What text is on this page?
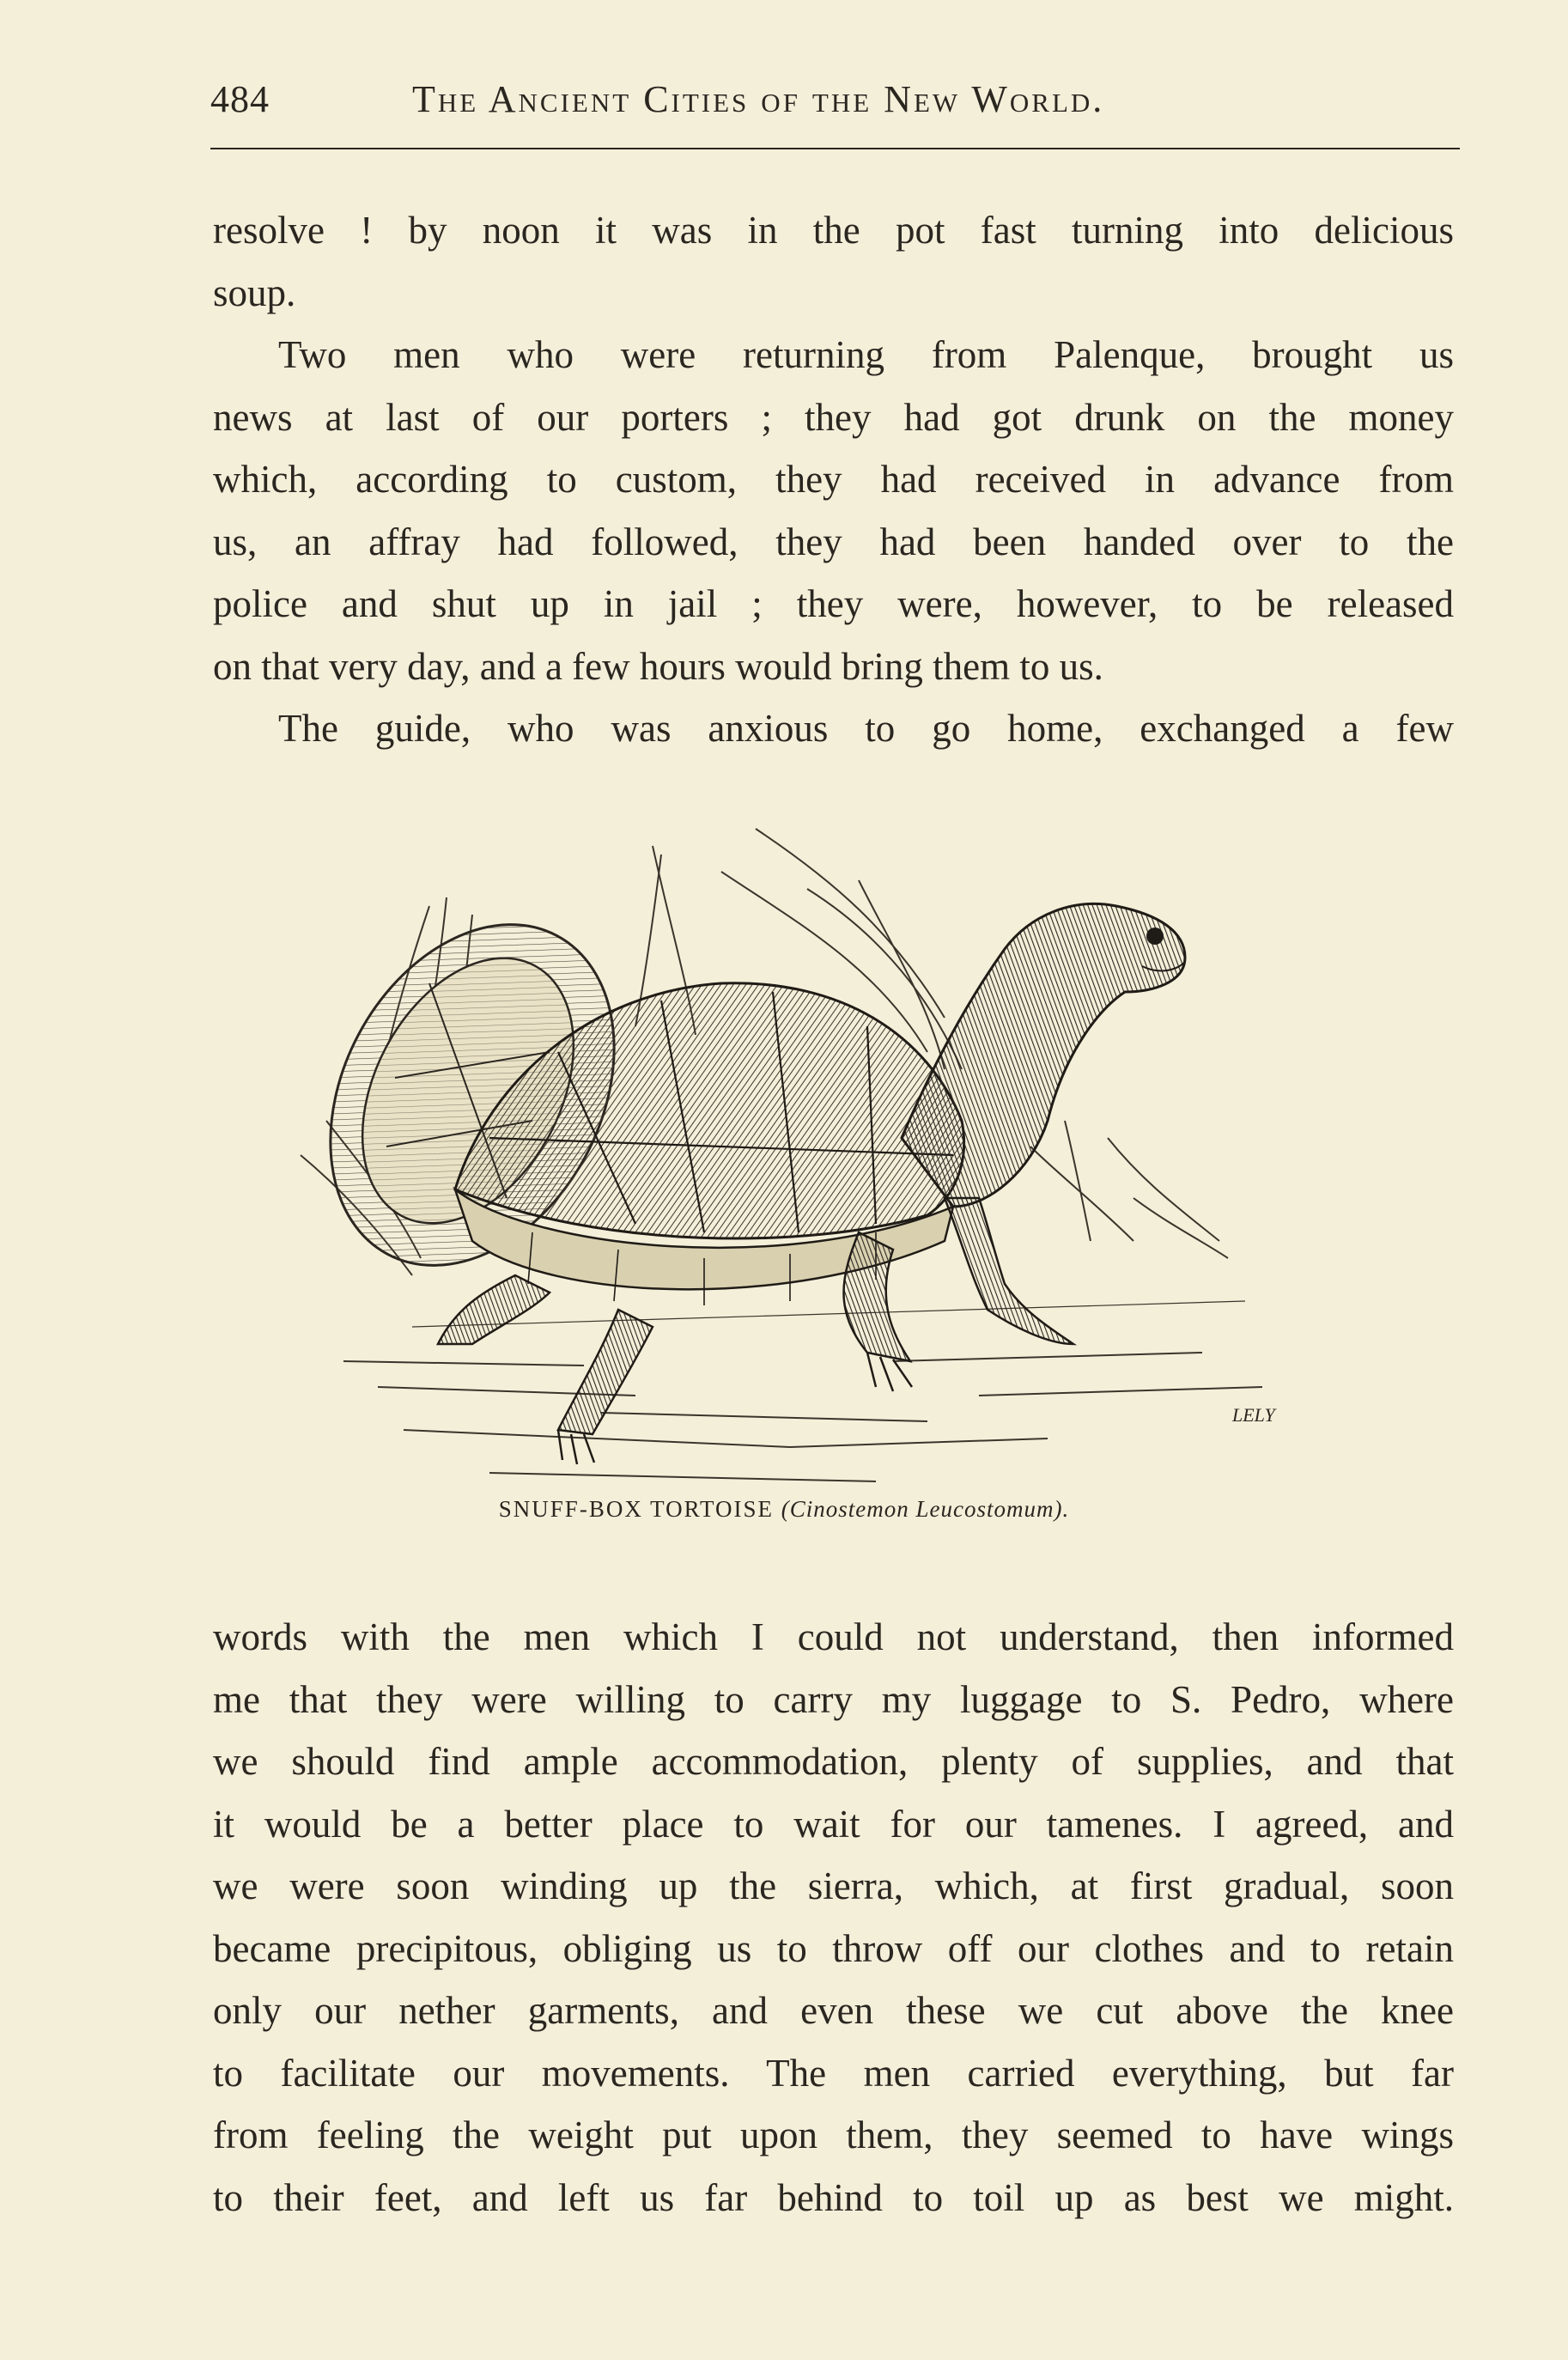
484	The Ancient Cities of the New World.
resolve ! by noon it was in the pot fast turning into delicious
soup.
Two men who were returning from Palenque, brought us
news at last of our porters ; they had got drunk on the money
which, according to custom, they had received in advance from
us, an affray had followed, they had been handed over to the
police and shut up in jail ; they were, however, to be released
on that very day, and a few hours would bring them to us.
The guide, who was anxious to go home, exchanged a few
LELY
SNUFF-BOX TORTOISE (Cinostemon Leucostomum).
words with the men which I could not understand, then informed
me that they were willing to carry my luggage to S. Pedro, where
we should find ample accommodation, plenty of supplies, and that
it would be a better place to wait for our tamenes. I agreed, and
we were soon winding up the sierra, which, at first gradual, soon
became precipitous, obliging us to throw off our clothes and to retain
only our nether garments, and even these we cut above the knee
to facilitate our movements. The men carried everything, but far
from feeling the weight put upon them, they seemed to have wings
to their feet, and left us far behind to toil up as best we might.
